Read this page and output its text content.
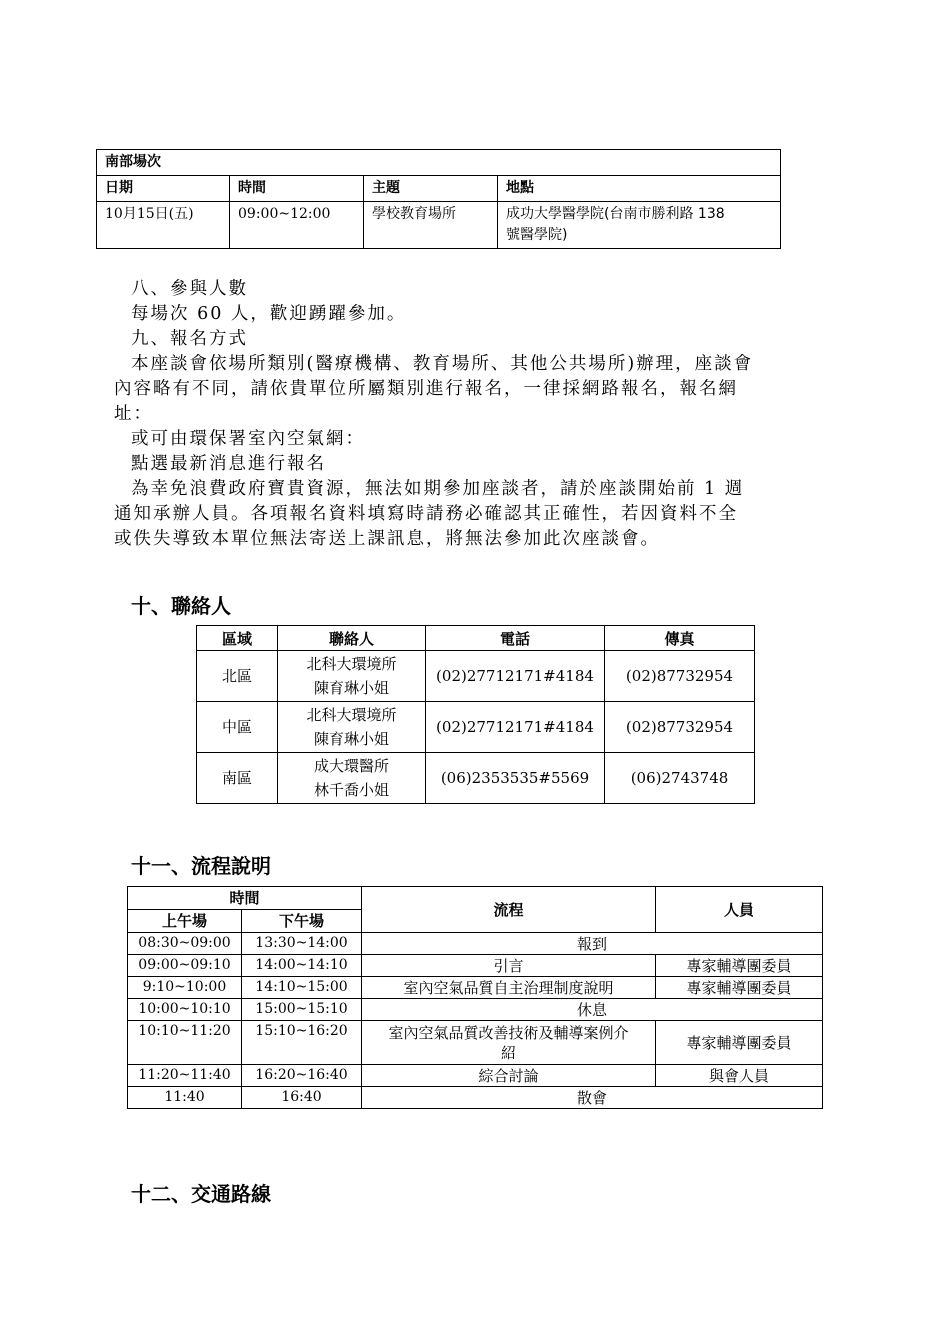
南部場次			
日期	時間	主題	地點
10月15日(五)	09:00~12:00	學校教育場所	成功大學醫學院(台南市勝利路 138
號醫學院)
八、參與人數
每場次 60 人，歡迎踴躍參加。
九、報名方式
本座談會依場所類別(醫療機構、教育場所、其他公共場所)辦理，座談會
內容略有不同，請依貴單位所屬類別進行報名，一律採網路報名，報名網
址：
或可由環保署室內空氣網：
點選最新消息進行報名
為幸免浪費政府寶貴資源，無法如期參加座談者，請於座談開始前 1 週
通知承辦人員。各項報名資料填寫時請務必確認其正確性，若因資料不全
或佚失導致本單位無法寄送上課訊息，將無法參加此次座談會。
十、聯絡人
區域	聯絡人	電話	傳真
北區	北科大環境所
陳育琳小姐	(02)27712171#4184	(02)87732954
中區	北科大環境所
陳育琳小姐	(02)27712171#4184	(02)87732954
南區	成大環醫所
林千喬小姐	(06)2353535#5569	(06)2743748
十一、流程說明
時間		流程	人員
上午場	下午場		
08:30~09:00	13:30~14:00	報到	
09:00~09:10	14:00~14:10	引言	專家輔導團委員
9:10~10:00	14:10~15:00	室內空氣品質自主治理制度說明	專家輔導團委員
10:00~10:10	15:00~15:10	休息	
10:10~11:20	15:10~16:20	室內空氣品質改善技術及輔導案例介
紹	專家輔導團委員
11:20~11:40	16:20~16:40	綜合討論	與會人員
11:40	16:40	散會	
十二、交通路線
